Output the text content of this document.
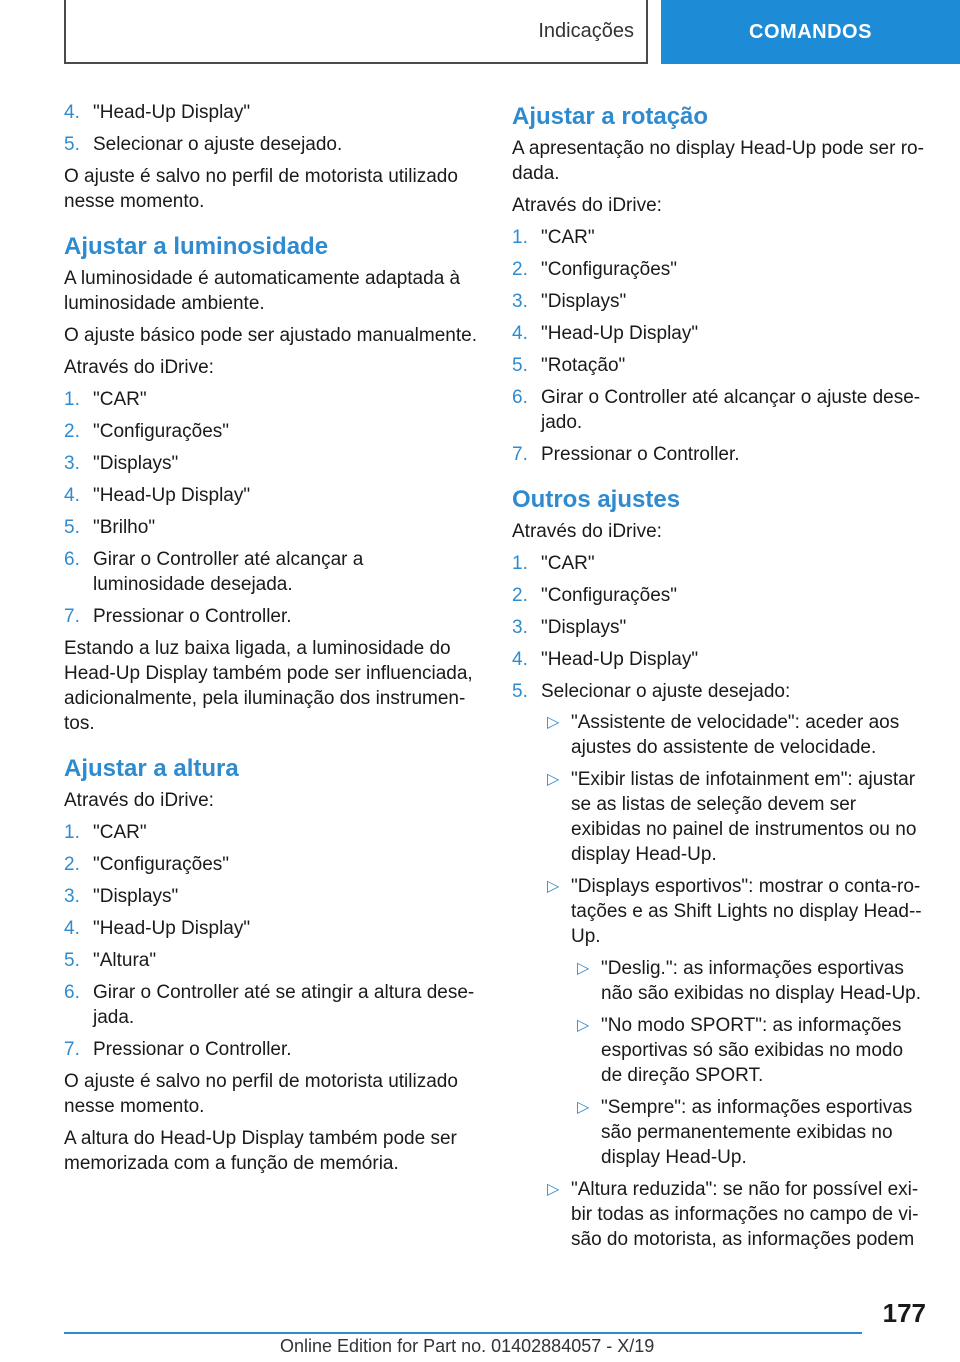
Indicações	COMANDOS
4. "Head-Up Display"
5. Selecionar o ajuste desejado.

O ajuste é salvo no perfil de motorista utilizado nesse momento.

Ajustar a luminosidade

A luminosidade é automaticamente adaptada à luminosidade ambiente.

O ajuste básico pode ser ajustado manualmente.

Através do iDrive:

1. "CAR"
2. "Configurações"
3. "Displays"
4. "Head-Up Display"
5. "Brilho"
6. Girar o Controller até alcançar a luminosidade desejada.
7. Pressionar o Controller.

Estando a luz baixa ligada, a luminosidade do Head-Up Display também pode ser influenciada, adicionalmente, pela iluminação dos instrumen-tos.

Ajustar a altura

Através do iDrive:

1. "CAR"
2. "Configurações"
3. "Displays"
4. "Head-Up Display"
5. "Altura"
6. Girar o Controller até se atingir a altura dese-jada.
7. Pressionar o Controller.

O ajuste é salvo no perfil de motorista utilizado nesse momento.

A altura do Head-Up Display também pode ser memorizada com a função de memória.

Ajustar a rotação

A apresentação no display Head-Up pode ser ro-dada.

Através do iDrive:

1. "CAR"
2. "Configurações"
3. "Displays"
4. "Head-Up Display"
5. "Rotação"
6. Girar o Controller até alcançar o ajuste dese-jado.
7. Pressionar o Controller.
Outros ajustes

Através do iDrive:

1. "CAR"
2. "Configurações"
3. "Displays"
4. "Head-Up Display"
5. Selecionar o ajuste desejado:
▷ "Assistente de velocidade": aceder aos ajustes do assistente de velocidade.
▷ "Exibir listas de infotainment em": ajustar se as listas de seleção devem ser exibidas no painel de instrumentos ou no display Head-Up.
▷ "Displays esportivos": mostrar o conta-ro-tações e as Shift Lights no display Head--Up.
▷ "Deslig.": as informações esportivas não são exibidas no display Head-Up.
▷ "No modo SPORT": as informações esportivas só são exibidas no modo de direção SPORT.
▷ "Sempre": as informações esportivas são permanentemente exibidas no display Head-Up.
▷ "Altura reduzida": se não for possível exi-bir todas as informações no campo de vi-são do motorista, as informações podem
177
Online Edition for Part no. 01402884057 - X/19
